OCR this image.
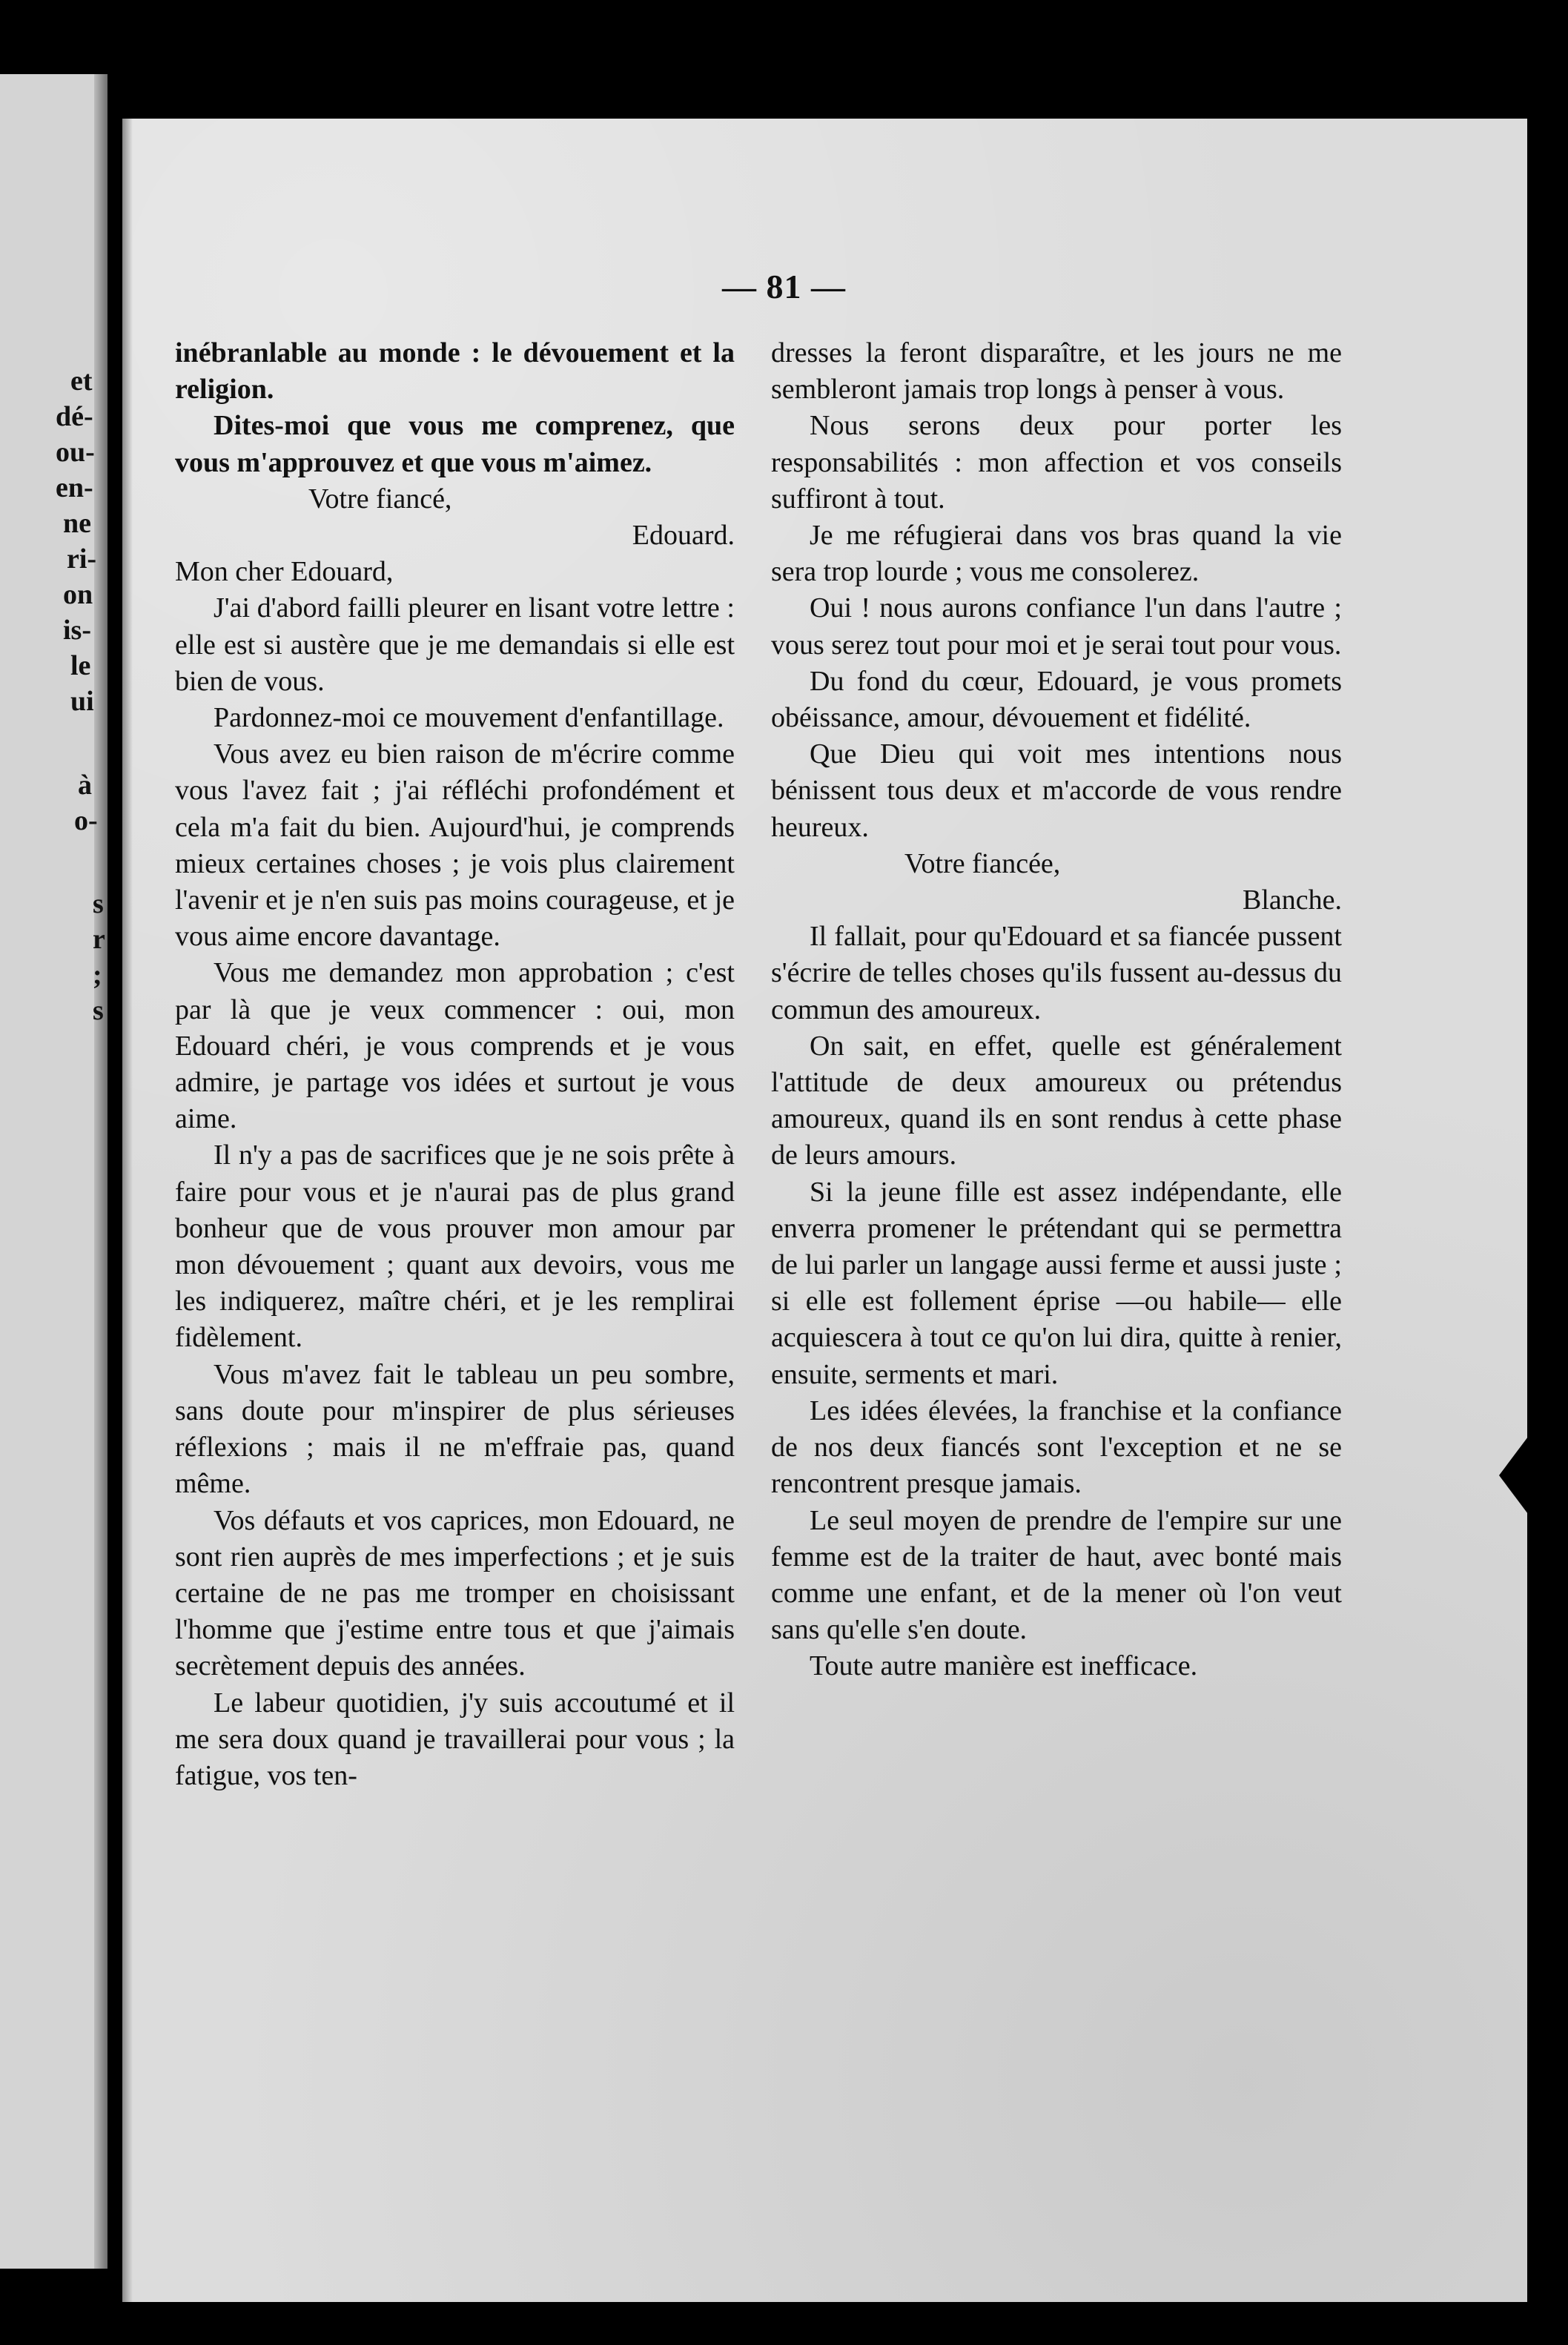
et
dé-
ou-
en-
ne
ri-
on
is-
le
ui
à
o-
s
r
;
s
— 81 —

inébranlable au monde : le dévouement et la religion.

Dites-moi que vous me comprenez, que vous m'approuvez et que vous m'aimez.

Votre fiancé,
Edouard.
Mon cher Edouard,

J'ai d'abord failli pleurer en lisant votre lettre : elle est si austère que je me demandais si elle est bien de vous.

Pardonnez-moi ce mouvement d'enfantillage.

Vous avez eu bien raison de m'écrire comme vous l'avez fait ; j'ai réfléchi profondément et cela m'a fait du bien. Aujourd'hui, je comprends mieux certaines choses ; je vois plus clairement l'avenir et je n'en suis pas moins courageuse, et je vous aime encore davantage.

Vous me demandez mon approbation ; c'est par là que je veux commencer : oui, mon Edouard chéri, je vous comprends et je vous admire, je partage vos idées et surtout je vous aime.

Il n'y a pas de sacrifices que je ne sois prête à faire pour vous et je n'aurai pas de plus grand bonheur que de vous prouver mon amour par mon dévouement ; quant aux devoirs, vous me les indiquerez, maître chéri, et je les remplirai fidèlement.

Vous m'avez fait le tableau un peu sombre, sans doute pour m'inspirer de plus sérieuses réflexions ; mais il ne m'effraie pas, quand même.

Vos défauts et vos caprices, mon Edouard, ne sont rien auprès de mes imperfections ; et je suis certaine de ne pas me tromper en choisissant l'homme que j'estime entre tous et que j'aimais secrètement depuis des années.

Le labeur quotidien, j'y suis accoutumé et il me sera doux quand je travaillerai pour vous ; la fatigue, vos ten-

dresses la feront disparaître, et les jours ne me sembleront jamais trop longs à penser à vous.

Nous serons deux pour porter les responsabilités : mon affection et vos conseils suffiront à tout.

Je me réfugierai dans vos bras quand la vie sera trop lourde ; vous me consolerez.

Oui ! nous aurons confiance l'un dans l'autre ; vous serez tout pour moi et je serai tout pour vous.

Du fond du cœur, Edouard, je vous promets obéissance, amour, dévouement et fidélité.

Que Dieu qui voit mes intentions nous bénissent tous deux et m'accorde de vous rendre heureux.

Votre fiancée,
Blanche.

Il fallait, pour qu'Edouard et sa fiancée pussent s'écrire de telles choses qu'ils fussent au-dessus du commun des amoureux.

On sait, en effet, quelle est généralement l'attitude de deux amoureux ou prétendus amoureux, quand ils en sont rendus à cette phase de leurs amours.

Si la jeune fille est assez indépendante, elle enverra promener le prétendant qui se permettra de lui parler un langage aussi ferme et aussi juste ; si elle est follement éprise —ou habile— elle acquiescera à tout ce qu'on lui dira, quitte à renier, ensuite, serments et mari.

Les idées élevées, la franchise et la confiance de nos deux fiancés sont l'exception et ne se rencontrent presque jamais.

Le seul moyen de prendre de l'empire sur une femme est de la traiter de haut, avec bonté mais comme une enfant, et de la mener où l'on veut sans qu'elle s'en doute.

Toute autre manière est inefficace.
